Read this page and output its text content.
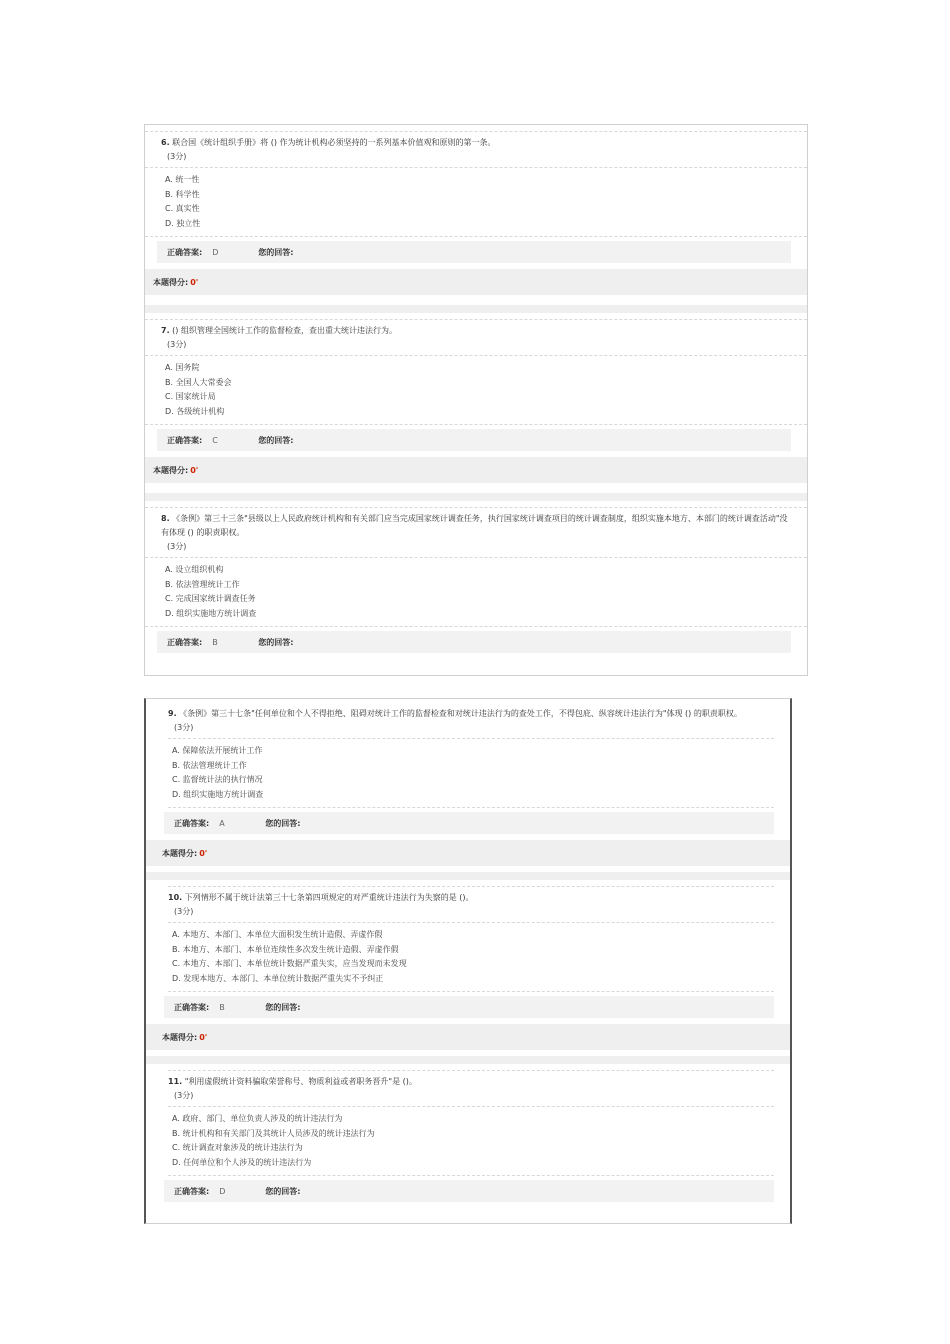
6. 联合国《统计组织手册》将 () 作为统计机构必须坚持的一系列基本价值观和原则的第一条。
(3分)
A. 统一性
B. 科学性
C. 真实性
D. 独立性
正确答案: D	您的回答:
本题得分: 0'
7. () 组织管理全国统计工作的监督检查，查出重大统计违法行为。
(3分)
A. 国务院
B. 全国人大常委会
C. 国家统计局
D. 各级统计机构
正确答案: C	您的回答:
本题得分: 0'
8. 《条例》第三十三条"县级以上人民政府统计机构和有关部门应当完成国家统计调查任务，执行国家统计调查项目的统计调查制度，组织实施本地方、本部门的统计调查活动"没有体现 () 的职责职权。
(3分)
A. 设立组织机构
B. 依法管理统计工作
C. 完成国家统计调查任务
D. 组织实施地方统计调查
正确答案: B	您的回答:
9. 《条例》第三十七条"任何单位和个人不得拒绝、阻碍对统计工作的监督检查和对统计违法行为的查处工作，不得包庇、纵容统计违法行为"体现 () 的职责职权。
(3分)
A. 保障依法开展统计工作
B. 依法管理统计工作
C. 监督统计法的执行情况
D. 组织实施地方统计调查
正确答案: A	您的回答:
本题得分: 0'
10. 下列情形不属于统计法第三十七条第四项规定的对严重统计违法行为失察的是 ()。
(3分)
A. 本地方、本部门、本单位大面积发生统计造假、弄虚作假
B. 本地方、本部门、本单位连续性多次发生统计造假、弄虚作假
C. 本地方、本部门、本单位统计数据严重失实，应当发现而未发现
D. 发现本地方、本部门、本单位统计数据严重失实不予纠正
正确答案: B	您的回答:
本题得分: 0'
11. "利用虚假统计资料骗取荣誉称号、物质利益或者职务晋升"是 ()。
(3分)
A. 政府、部门、单位负责人涉及的统计违法行为
B. 统计机构和有关部门及其统计人员涉及的统计违法行为
C. 统计调查对象涉及的统计违法行为
D. 任何单位和个人涉及的统计违法行为
正确答案: D	您的回答:
